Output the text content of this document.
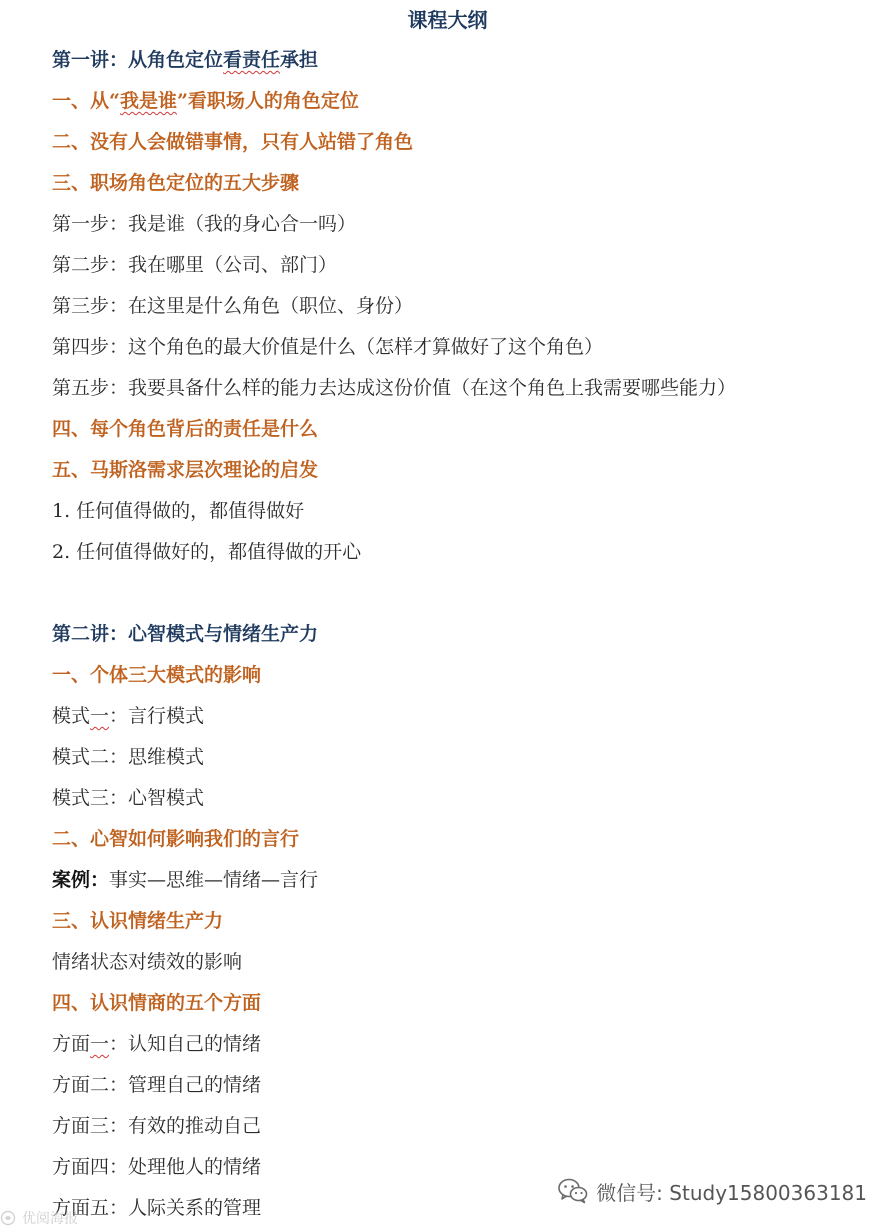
课程大纲
第一讲：从角色定位看责任承担
一、从“我是谁”看职场人的角色定位
二、没有人会做错事情，只有人站错了角色
三、职场角色定位的五大步骤
第一步：我是谁（我的身心合一吗）
第二步：我在哪里（公司、部门）
第三步：在这里是什么角色（职位、身份）
第四步：这个角色的最大价值是什么（怎样才算做好了这个角色）
第五步：我要具备什么样的能力去达成这份价值（在这个角色上我需要哪些能力）
四、每个角色背后的责任是什么
五、马斯洛需求层次理论的启发
1. 任何值得做的，都值得做好
2. 任何值得做好的，都值得做的开心
第二讲：心智模式与情绪生产力
一、个体三大模式的影响
模式一：言行模式
模式二：思维模式
模式三：心智模式
二、心智如何影响我们的言行
案例：事实—思维—情绪—言行
三、认识情绪生产力
情绪状态对绩效的影响
四、认识情商的五个方面
方面一：认知自己的情绪
方面二：管理自己的情绪
方面三：有效的推动自己
方面四：处理他人的情绪
方面五：人际关系的管理
微信号: Study15800363181
优阅海报
